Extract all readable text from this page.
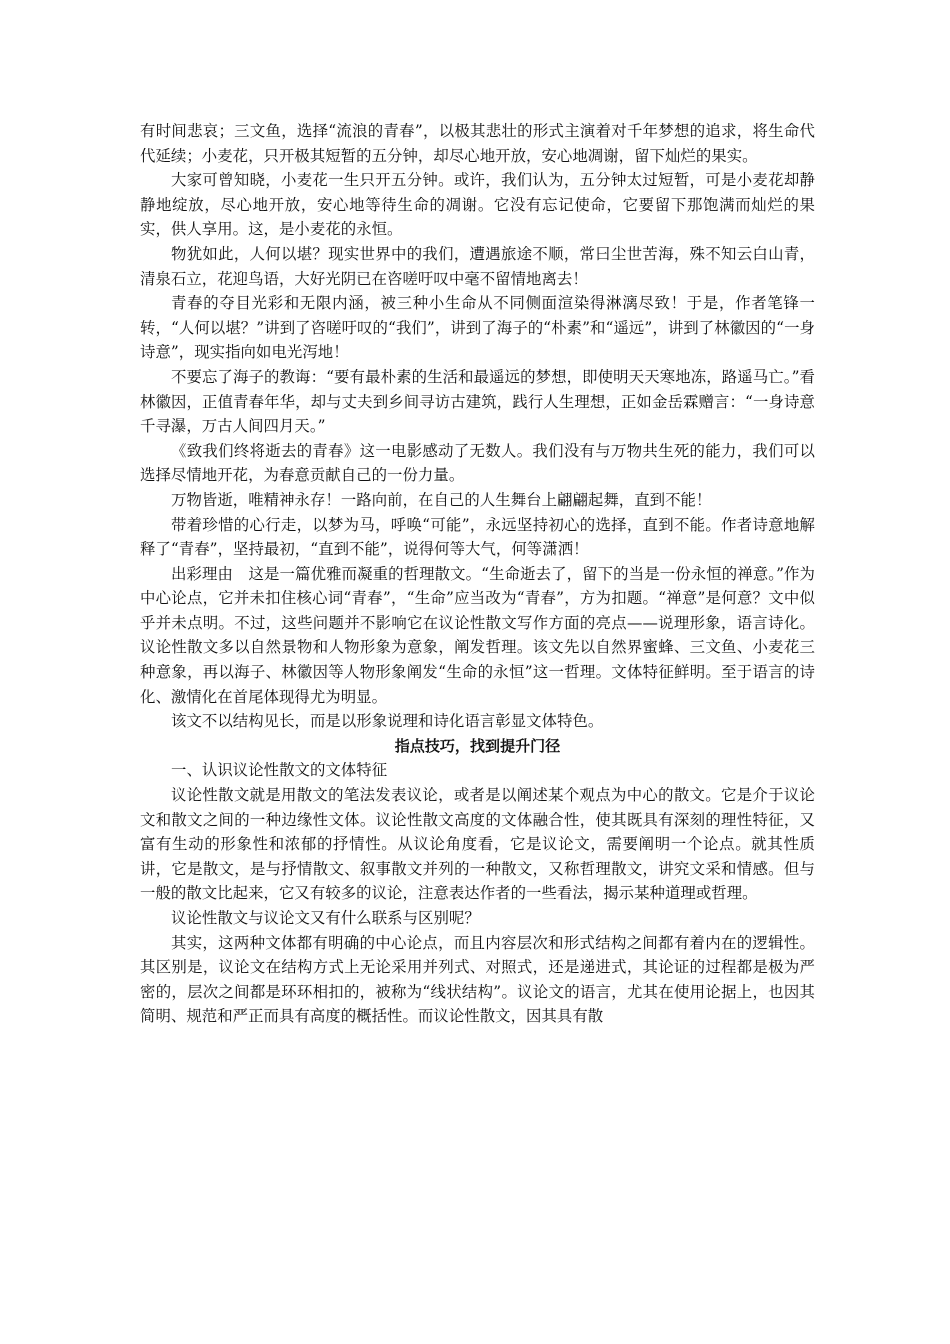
有时间悲哀；三文鱼，选择“流浪的青春”，以极其悲壮的形式主演着对千年梦想的追求，将生命代代延续；小麦花，只开极其短暂的五分钟，却尽心地开放，安心地凋谢，留下灿烂的果实。

大家可曾知晓，小麦花一生只开五分钟。或许，我们认为，五分钟太过短暂，可是小麦花却静静地绽放，尽心地开放，安心地等待生命的凋谢。它没有忘记使命，它要留下那饱满而灿烂的果实，供人享用。这，是小麦花的永恒。

物犹如此，人何以堪？现实世界中的我们，遭遇旅途不顺，常曰尘世苦海，殊不知云白山青，清泉石立，花迎鸟语，大好光阴已在咨嗟吁叹中毫不留情地离去！

青春的夺目光彩和无限内涵，被三种小生命从不同侧面渲染得淋漓尽致！于是，作者笔锋一转，“人何以堪？”讲到了咨嗟吁叹的“我们”，讲到了海子的“朴素”和“遥远”，讲到了林徽因的“一身诗意”，现实指向如电光泻地！

不要忘了海子的教诲：“要有最朴素的生活和最遥远的梦想，即使明天天寒地冻，路遥马亡。”看林徽因，正值青春年华，却与丈夫到乡间寻访古建筑，践行人生理想，正如金岳霖赠言：“一身诗意千寻瀑，万古人间四月天。”

《致我们终将逝去的青春》这一电影感动了无数人。我们没有与万物共生死的能力，我们可以选择尽情地开花，为春意贡献自己的一份力量。

万物皆逝，唯精神永存！一路向前，在自己的人生舞台上翩翩起舞，直到不能！

带着珍惜的心行走，以梦为马，呼唤“可能”，永远坚持初心的选择，直到不能。作者诗意地解释了“青春”，坚持最初，“直到不能”，说得何等大气，何等潇洒！

出彩理由　这是一篇优雅而凝重的哲理散文。“生命逝去了，留下的当是一份永恒的禅意。”作为中心论点，它并未扣住核心词“青春”，“生命”应当改为“青春”，方为扣题。“禅意”是何意？文中似乎并未点明。不过，这些问题并不影响它在议论性散文写作方面的亮点——说理形象，语言诗化。议论性散文多以自然景物和人物形象为意象，阐发哲理。该文先以自然界蜜蜂、三文鱼、小麦花三种意象，再以海子、林徽因等人物形象阐发“生命的永恒”这一哲理。文体特征鲜明。至于语言的诗化、激情化在首尾体现得尤为明显。

该文不以结构见长，而是以形象说理和诗化语言彰显文体特色。

指点技巧，找到提升门径

一、认识议论性散文的文体特征

议论性散文就是用散文的笔法发表议论，或者是以阐述某个观点为中心的散文。它是介于议论文和散文之间的一种边缘性文体。议论性散文高度的文体融合性，使其既具有深刻的理性特征，又富有生动的形象性和浓郁的抒情性。从议论角度看，它是议论文，需要阐明一个论点。就其性质讲，它是散文，是与抒情散文、叙事散文并列的一种散文，又称哲理散文，讲究文采和情感。但与一般的散文比起来，它又有较多的议论，注意表达作者的一些看法，揭示某种道理或哲理。

议论性散文与议论文又有什么联系与区别呢？

其实，这两种文体都有明确的中心论点，而且内容层次和形式结构之间都有着内在的逻辑性。其区别是，议论文在结构方式上无论采用并列式、对照式，还是递进式，其论证的过程都是极为严密的，层次之间都是环环相扣的，被称为“线状结构”。议论文的语言，尤其在使用论据上，也因其简明、规范和严正而具有高度的概括性。而议论性散文，因其具有散
